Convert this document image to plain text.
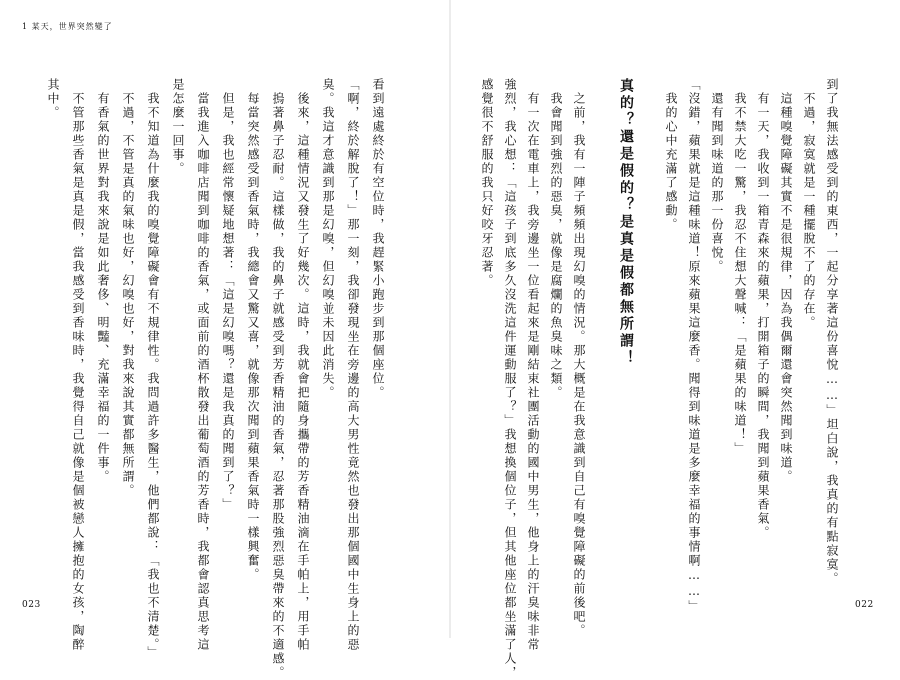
1 某天，世界突然變了
到了我無法感受到的東西，一起分享著這份喜悅……」坦白說，我真的有點寂寞。
不過，寂寞就是一種擺脫不了的存在。
這種嗅覺障礙其實不是很規律，因為我偶爾還會突然聞到味道。
有一天，我收到一箱青森來的蘋果，打開箱子的瞬間，我聞到蘋果香氣。
我不禁大吃一驚，我忍不住想大聲喊：「是蘋果的味道！」
還有聞到味道的那一份喜悅。
「沒錯，蘋果就是這種味道！原來蘋果這麼香。聞得到味道是多麼幸福的事情啊……」
我的心中充滿了感動。
真的？還是假的？是真是假都無所謂！
之前，我有一陣子頻頻出現幻嗅的情況。那大概是在我意識到自己有嗅覺障礙的前後吧。
我會聞到強烈的惡臭，就像是腐爛的魚臭味之類。
有一次在電車上，我旁邊坐一位看起來是剛結束社團活動的國中男生，他身上的汗臭味非常
強烈，我心想：「這孩子到底多久沒洗這件運動服了？」我想換個位子，但其他座位都坐滿了人，
感覺很不舒服的我只好咬牙忍著。
看到遠處終於有空位時，我趕緊小跑步到那個座位。
「啊，終於解脫了！」那一刻，我卻發現坐在旁邊的高大男性竟然也發出那個國中生身上的惡
臭。我這才意識到那是幻嗅，但幻嗅並未因此消失。
後來，這種情況又發生了好幾次。這時，我就會把隨身攜帶的芳香精油滴在手帕上，用手帕
摀著鼻子忍耐。這樣做，我的鼻子就感受到芳香精油的香氣，忍著那股強烈惡臭帶來的不適感。
每當突然感受到香氣時，我總會又驚又喜，就像那次聞到蘋果香氣時一樣興奮。
但是，我也經常懷疑地想著：「這是幻嗅嗎？還是我真的聞到了？」
當我進入咖啡店聞到咖啡的香氣，或面前的酒杯散發出葡萄酒的芳香時，我都會認真思考這
是怎麼一回事。
我不知道為什麼我的嗅覺障礙會有不規律性。我問過許多醫生，他們都說：「我也不清楚。」
不過，不管是真的氣味也好，幻嗅也好，對我來說其實都無所謂。
有香氣的世界對我來說是如此奢侈、明豔、充滿幸福的一件事。
不管那些香氣是真是假，當我感受到香味時，我覺得自己就像是個被戀人擁抱的女孩，陶醉
其中。
023	022
